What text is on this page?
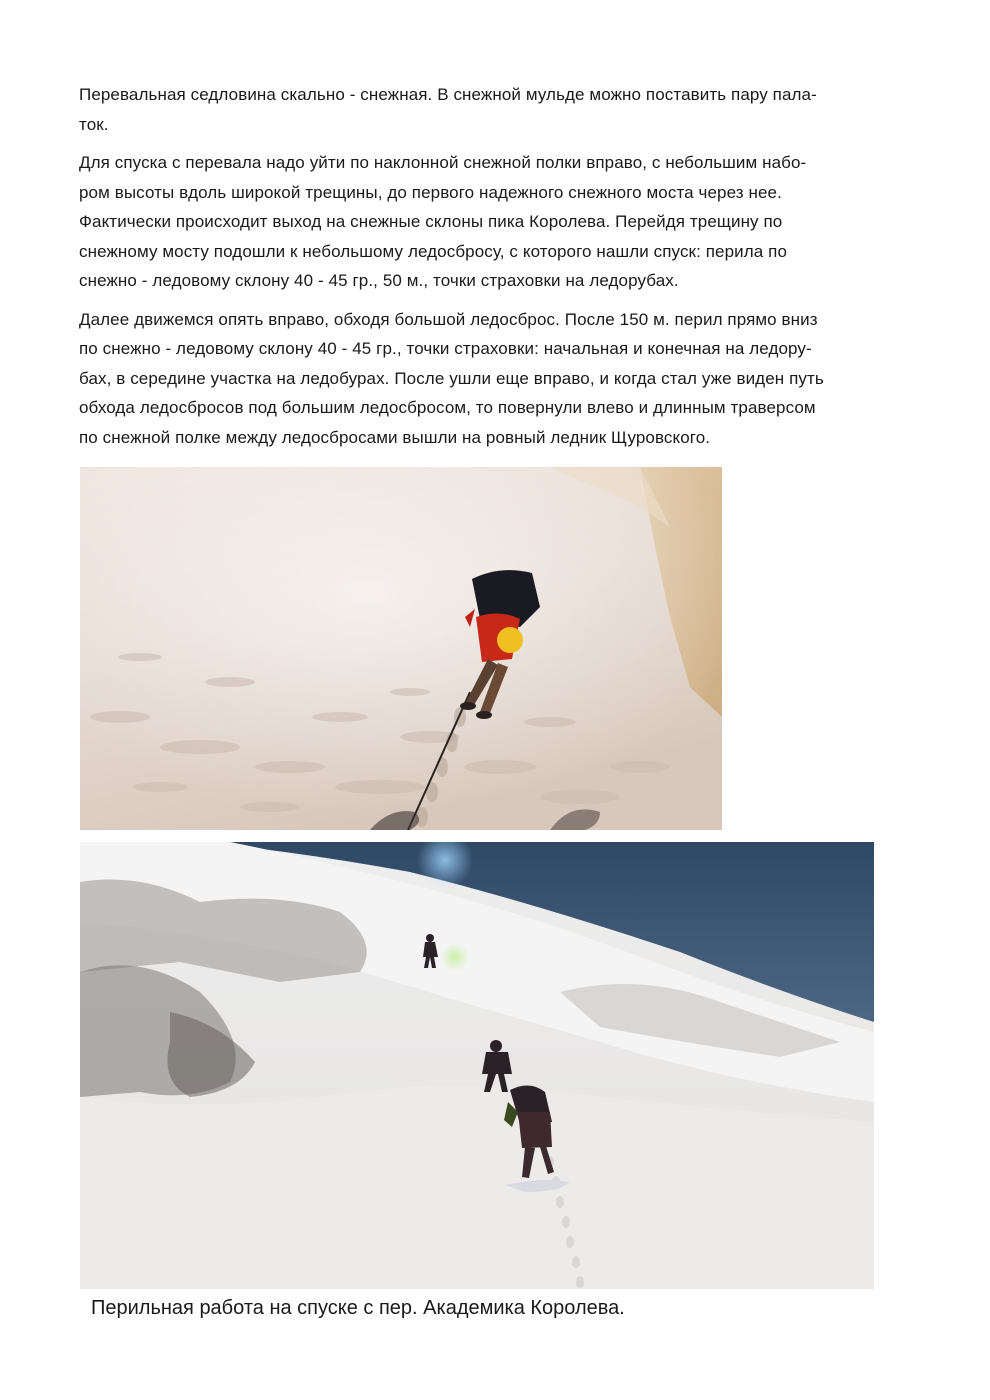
Перевальная седловина скально - снежная. В снежной мульде можно поставить пару пала-
ток.

Для спуска с перевала надо уйти по наклонной снежной полки вправо, с небольшим набо-
ром высоты вдоль широкой трещины, до первого надежного снежного моста через нее.
Фактически происходит выход на снежные склоны пика Королева. Перейдя трещину по
снежному мосту подошли к небольшому ледосбросу, с которого нашли спуск: перила по
снежно - ледовому склону 40 - 45 гр., 50 м., точки страховки на ледорубах.

Далее движемся опять вправо, обходя большой ледосброс. После 150 м. перил прямо вниз
по снежно - ледовому склону 40 - 45 гр., точки страховки: начальная и конечная на ледору-
бах, в середине участка на ледобурах. После ушли еще вправо, и когда стал уже виден путь
обхода ледосбросов под большим ледосбросом, то повернули влево и длинным траверсом
по снежной полке между ледосбросами вышли на ровный ледник Щуровского.

Перильная работа на спуске с пер. Академика Королева.
